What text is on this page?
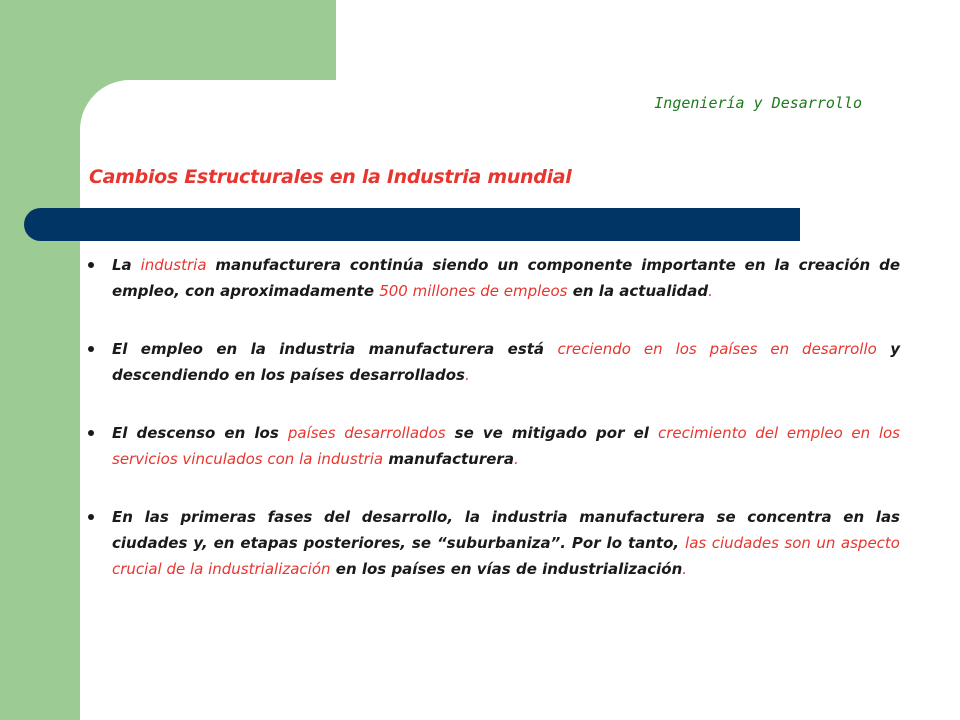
Ingeniería y Desarrollo
Cambios Estructurales en la Industria mundial
La industria manufacturera continúa siendo un componente importante en la creación de empleo, con aproximadamente 500 millones de empleos en la actualidad.
El empleo en la industria manufacturera está creciendo en los países en desarrollo y descendiendo en los países desarrollados.
El descenso en los países desarrollados se ve mitigado por el crecimiento del empleo en los servicios vinculados con la industria manufacturera.
En las primeras fases del desarrollo, la industria manufacturera se concentra en las ciudades y, en etapas posteriores, se “suburbaniza”. Por lo tanto, las ciudades son un aspecto crucial de la industrialización en los países en vías de industrialización.
